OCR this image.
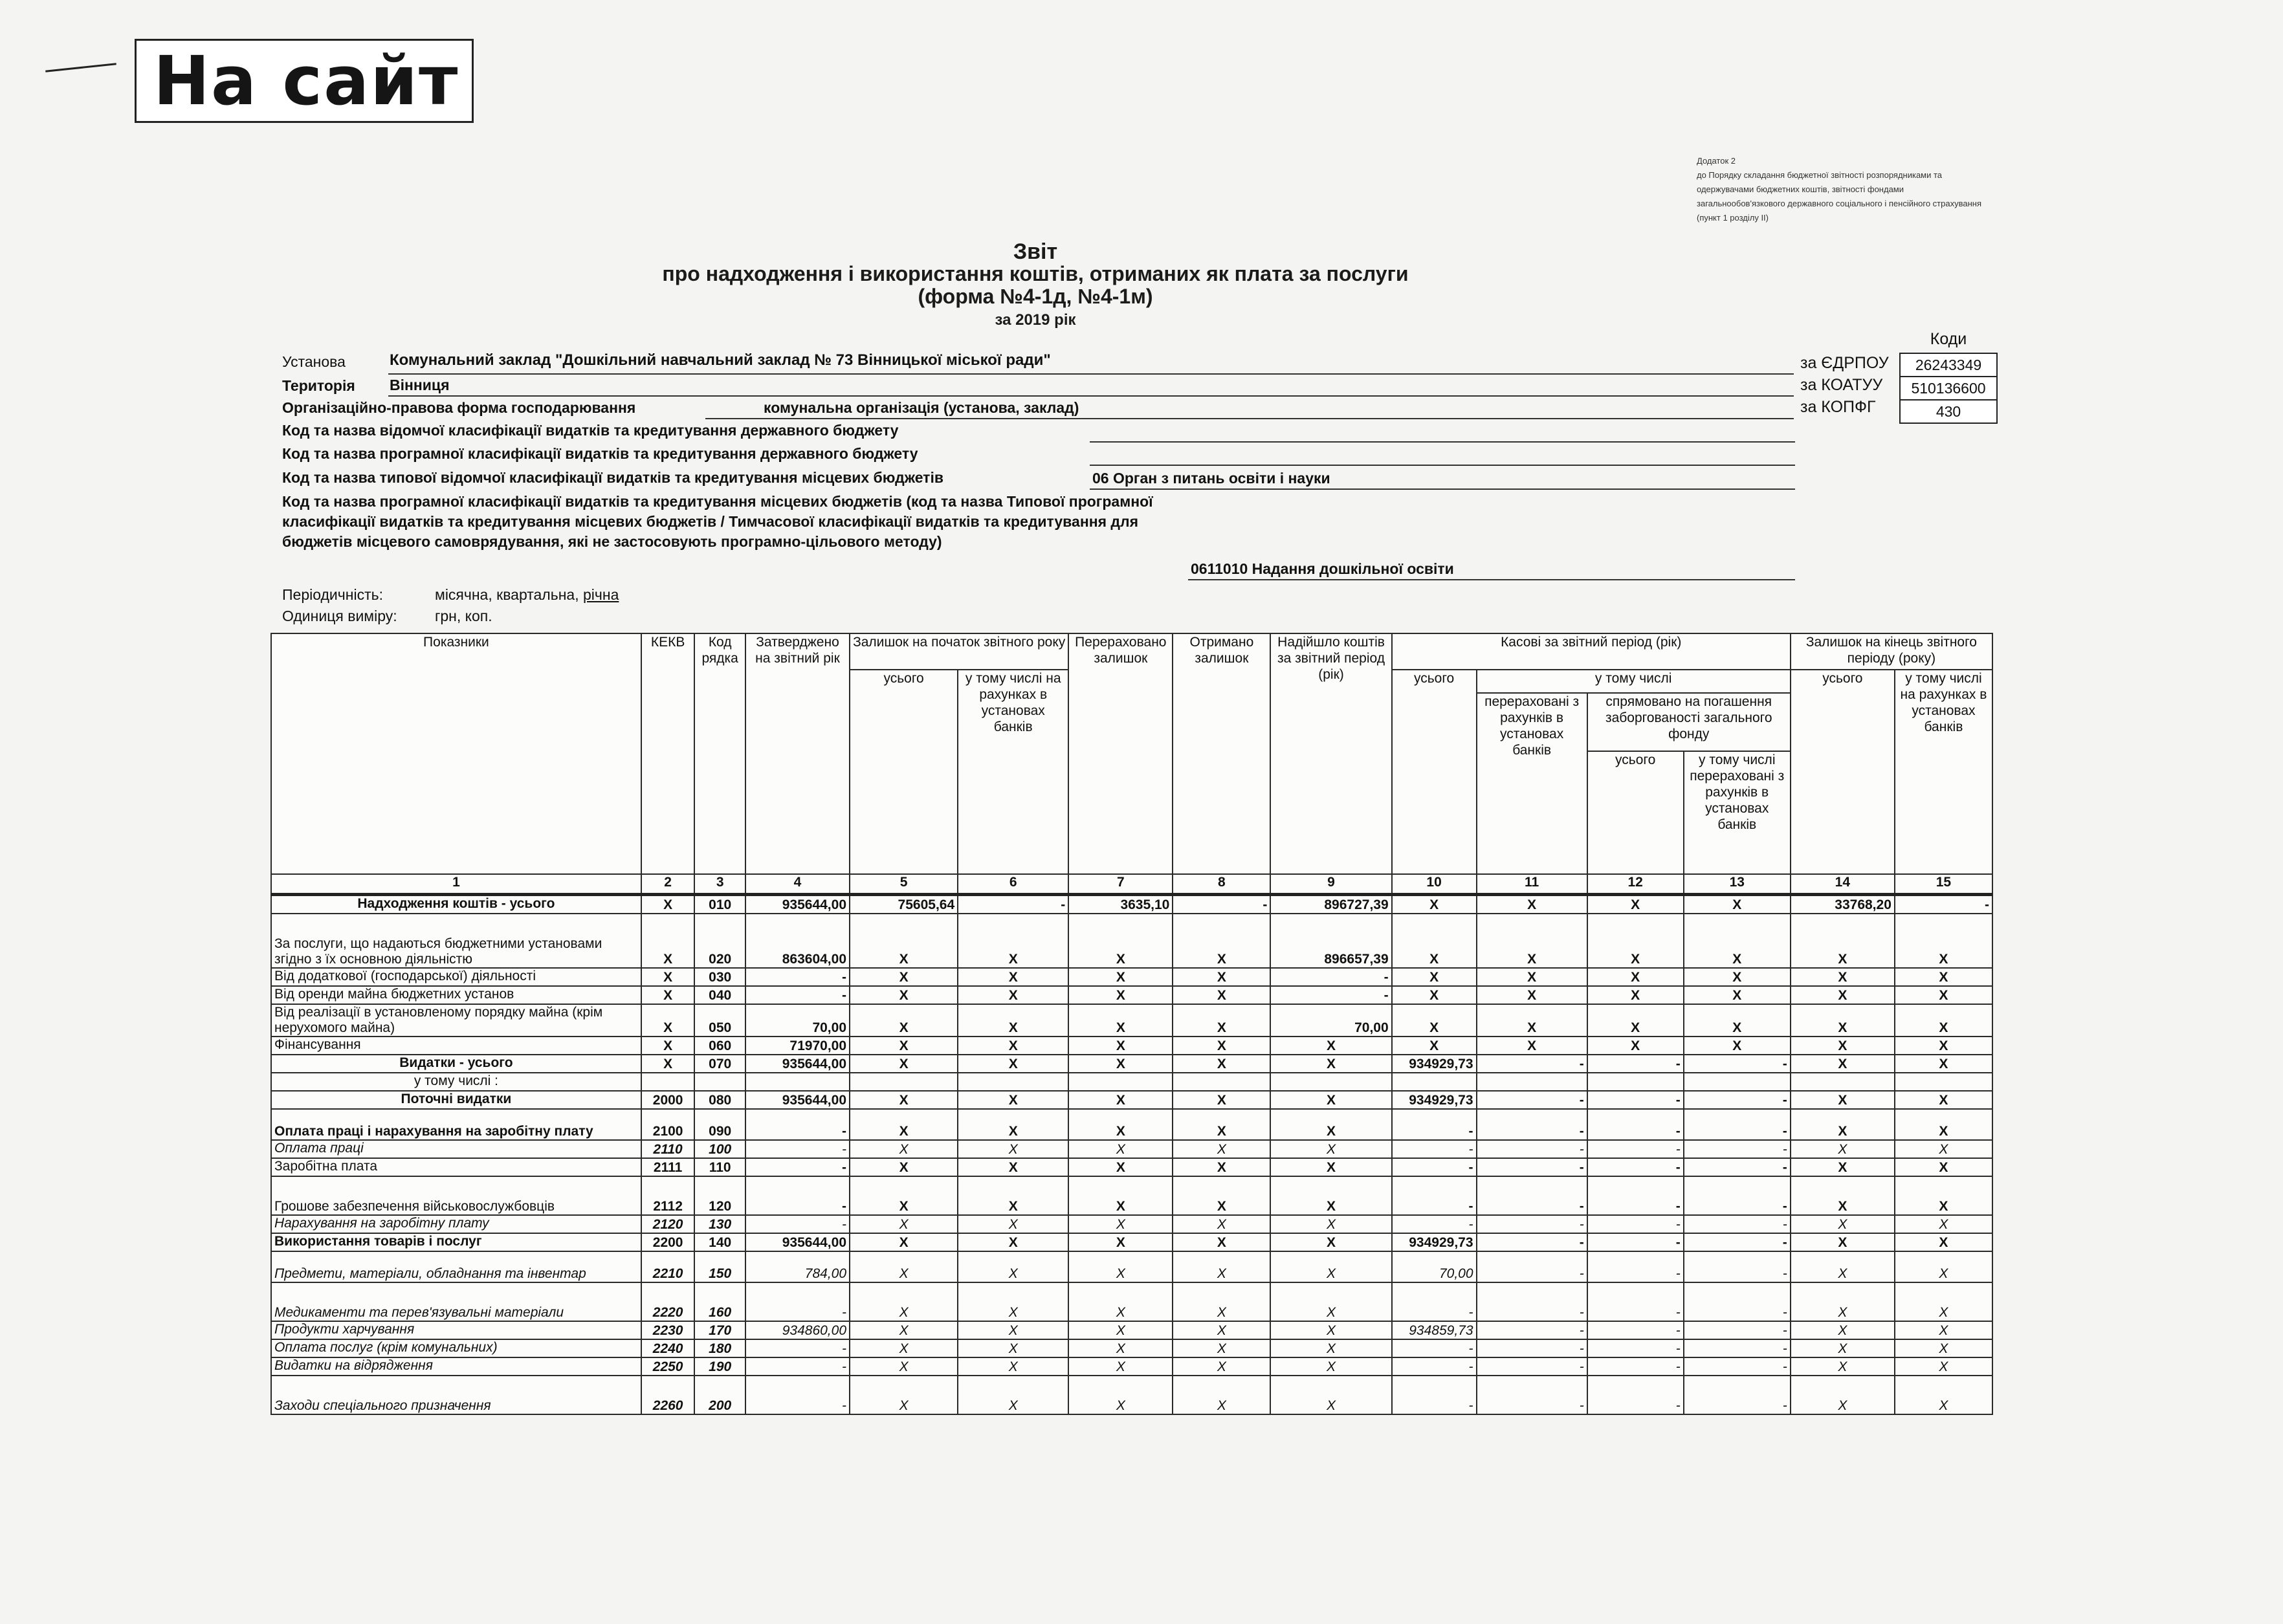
На сайт
Додаток 2
до Порядку складання бюджетної звітності розпорядниками та одержувачами бюджетних коштів, звітності фондами загальнообов'язкового державного соціального і пенсійного страхування (пункт 1 розділу ІІ)
Звіт
про надходження і використання коштів, отриманих як плата за послуги
(форма №4-1д, №4-1м)
за 2019 рік
Коди
за ЄДРПОУ
за КОАТУУ
за КОПФГ
26243349
510136600
430
Установа	Комунальний заклад "Дошкільний навчальний заклад № 73 Вінницької міської ради"
Територія Вінниця
Організаційно-правова форма господарювання	комунальна організація (установа, заклад)
Код та назва відомчої класифікації видатків та кредитування державного бюджету
Код та назва програмної класифікації видатків та кредитування державного бюджету
Код та назва типової відомчої класифікації видатків та кредитування місцевих бюджетів	06 Орган з питань освіти і науки
Код та назва програмної класифікації видатків та кредитування місцевих бюджетів (код та назва Типової програмної класифікації видатків та кредитування місцевих бюджетів / Тимчасової класифікації видатків та кредитування для бюджетів місцевого самоврядування, які не застосовують програмно-цільового методу)
0611010 Надання дошкільної освіти
Періодичність:	місячна, квартальна, річна
Одиниця виміру:	грн, коп.
Показники	КЕКВ	Код рядка	Затверджено на звітний рік	Залишок на початок звітного року		Перераховано залишок	Отримано залишок	Надійшло коштів за звітний період (рік)	Касові за звітний період (рік)				Залишок на кінець звітного періоду (року)	
				усього	у тому числі на рахунках в установах банків				усього	у тому числі			усього	у тому числі на рахунках в установах банків
										перераховані з рахунків в установах банків	спрямовано на погашення заборгованості загального фонду			
											усього	у тому числі перераховані з рахунків в установах банків		
1	2	3	4	5	6	7	8	9	10	11	12	13	14	15
Надходження коштів - усього	X	010	935644,00	75605,64	-	3635,10	-	896727,39	X	X	X	X	33768,20	-
За послуги, що надаються бюджетними установами згідно з їх основною діяльністю	X	020	863604,00	X	X	X	X	896657,39	X	X	X	X	X	X
Від додаткової (господарської) діяльності	X	030	-	X	X	X	X	-	X	X	X	X	X	X
Від оренди майна бюджетних установ	X	040	-	X	X	X	X	-	X	X	X	X	X	X
Від реалізації в установленому порядку майна (крім нерухомого майна)	X	050	70,00	X	X	X	X	70,00	X	X	X	X	X	X
Фінансування	X	060	71970,00	X	X	X	X	X	X	X	X	X	X	X
Видатки - усього	X	070	935644,00	X	X	X	X	X	934929,73	-	-	-	X	X
у тому числі :														
Поточні видатки	2000	080	935644,00	X	X	X	X	X	934929,73	-	-	-	X	X
Оплата праці і нарахування на заробітну плату	2100	090	-	X	X	X	X	X	-	-	-	-	X	X
Оплата праці	2110	100	-	X	X	X	X	X	-	-	-	-	X	X
Заробітна плата	2111	110	-	X	X	X	X	X	-	-	-	-	X	X
Грошове забезпечення військовослужбовців	2112	120	-	X	X	X	X	X	-	-	-	-	X	X
Нарахування на заробітну плату	2120	130	-	X	X	X	X	X	-	-	-	-	X	X
Використання товарів і послуг	2200	140	935644,00	X	X	X	X	X	934929,73	-	-	-	X	X
Предмети, матеріали, обладнання та інвентар	2210	150	784,00	X	X	X	X	X	70,00	-	-	-	X	X
Медикаменти та перев'язувальні матеріали	2220	160	-	X	X	X	X	X	-	-	-	-	X	X
Продукти харчування	2230	170	934860,00	X	X	X	X	X	934859,73	-	-	-	X	X
Оплата послуг (крім комунальних)	2240	180	-	X	X	X	X	X	-	-	-	-	X	X
Видатки на відрядження	2250	190	-	X	X	X	X	X	-	-	-	-	X	X
Заходи спеціального призначення	2260	200	-	X	X	X	X	X	-	-	-	-	X	X
